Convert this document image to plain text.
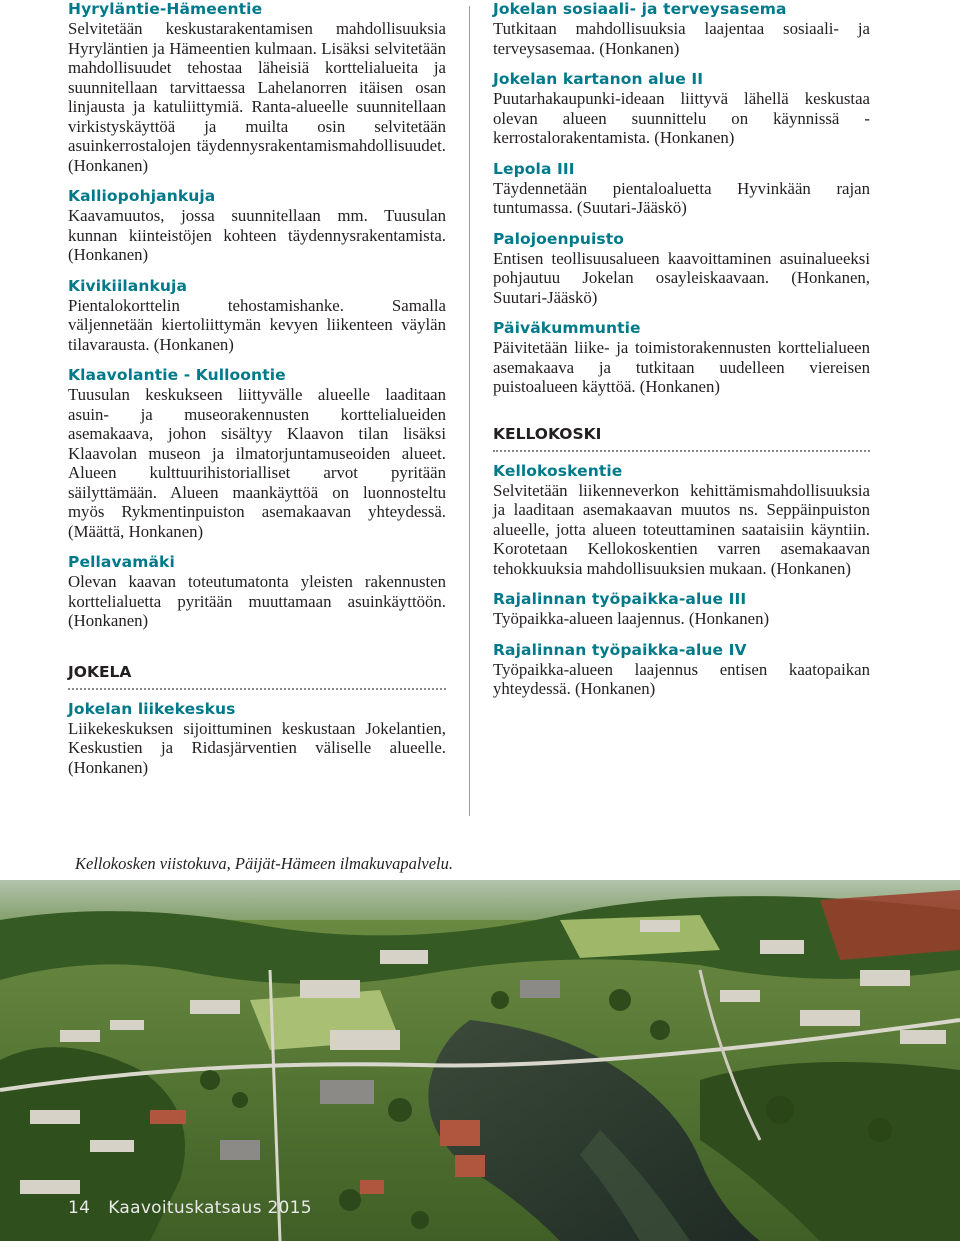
Hyryläntie-Hämeentie

Selvitetään keskustarakentamisen mahdollisuuksia Hyryläntien ja Hämeentien kulmaan. Lisäksi selvitetään mahdollisuudet tehostaa läheisiä korttelialueita ja suunnitellaan tarvittaessa Lahelanorren itäisen osan linjausta ja katuliittymiä. Ranta-alueelle suunnitellaan virkistyskäyttöä ja muilta osin selvitetään asuinkerrostalojen täydennysrakentamismahdollisuudet. (Honkanen)

Kalliopohjankuja

Kaavamuutos, jossa suunnitellaan mm. Tuusulan kunnan kiinteistöjen kohteen täydennysrakentamista. (Honkanen)

Kivikiilankuja

Pientalokorttelin tehostamishanke. Samalla väljennetään kiertoliittymän kevyen liikenteen väylän tilavarausta. (Honkanen)

Klaavolantie - Kulloontie

Tuusulan keskukseen liittyvälle alueelle laaditaan asuin- ja museorakennusten korttelialueiden asemakaava, johon sisältyy Klaavon tilan lisäksi Klaavolan museon ja ilmatorjuntamuseoiden alueet. Alueen kulttuurihistorialliset arvot pyritään säilyttämään. Alueen maankäyttöä on luonnosteltu myös Rykmentinpuiston asemakaavan yhteydessä. (Määttä, Honkanen)

Pellavamäki

Olevan kaavan toteutumatonta yleisten rakennusten korttelialuetta pyritään muuttamaan asuinkäyttöön. (Honkanen)

JOKELA
Jokelan liikekeskus

Liikekeskuksen sijoittuminen keskustaan Jokelantien, Keskustien ja Ridasjärventien väliselle alueelle. (Honkanen)

Jokelan sosiaali- ja terveysasema

Tutkitaan mahdollisuuksia laajentaa sosiaali- ja terveysasemaa. (Honkanen)

Jokelan kartanon alue II

Puutarhakaupunki-ideaan liittyvä lähellä keskustaa olevan alueen suunnittelu on käynnissä - kerrostalorakentamista. (Honkanen)

Lepola III

Täydennetään pientaloaluetta Hyvinkään rajan tuntumassa. (Suutari-Jääskö)

Palojoenpuisto

Entisen teollisuusalueen kaavoittaminen asuinalueeksi pohjautuu Jokelan osayleiskaavaan. (Honkanen, Suutari-Jääskö)

Päiväkummuntie

Päivitetään liike- ja toimistorakennusten korttelialueen asemakaava ja tutkitaan uudelleen viereisen puistoalueen käyttöä. (Honkanen)

KELLOKOSKI
Kellokoskentie

Selvitetään liikenneverkon kehittämismahdollisuuksia ja laaditaan asemakaavan muutos ns. Seppäinpuiston alueelle, jotta alueen toteuttaminen saataisiin käyntiin. Korotetaan Kellokoskentien varren asemakaavan tehokkuuksia mahdollisuuksien mukaan. (Honkanen)

Rajalinnan työpaikka-alue III

Työpaikka-alueen laajennus. (Honkanen)

Rajalinnan työpaikka-alue IV

Työpaikka-alueen laajennus entisen kaatopaikan yhteydessä. (Honkanen)

Kellokosken viistokuva, Päijät-Hämeen ilmakuvapalvelu.
14 Kaavoituskatsaus 2015
